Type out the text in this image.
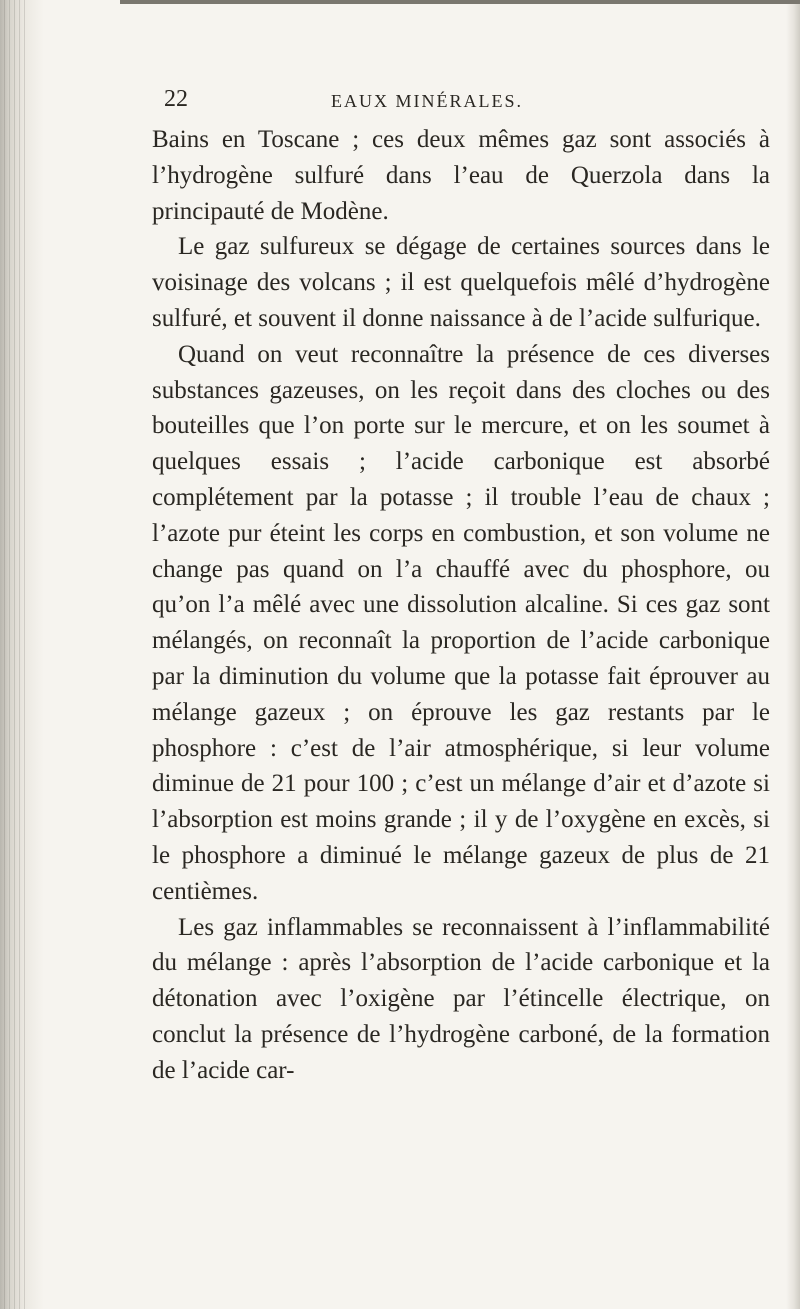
22	EAUX MINÉRALES.

Bains en Toscane ; ces deux mêmes gaz sont associés à l’hydrogène sulfuré dans l’eau de Querzola dans la principauté de Modène.

Le gaz sulfureux se dégage de certaines sources dans le voisinage des volcans ; il est quelquefois mêlé d’hydrogène sulfuré, et souvent il donne naissance à de l’acide sulfurique.

Quand on veut reconnaître la présence de ces diverses substances gazeuses, on les reçoit dans des cloches ou des bouteilles que l’on porte sur le mercure, et on les soumet à quelques essais ; l’acide carbonique est absorbé complétement par la potasse ; il trouble l’eau de chaux ; l’azote pur éteint les corps en combustion, et son volume ne change pas quand on l’a chauffé avec du phosphore, ou qu’on l’a mêlé avec une dissolution alcaline. Si ces gaz sont mélangés, on reconnaît la proportion de l’acide carbonique par la diminution du volume que la potasse fait éprouver au mélange gazeux ; on éprouve les gaz restants par le phosphore : c’est de l’air atmosphérique, si leur volume diminue de 21 pour 100 ; c’est un mélange d’air et d’azote si l’absorption est moins grande ; il y de l’oxygène en excès, si le phosphore a diminué le mélange gazeux de plus de 21 centièmes.

Les gaz inflammables se reconnaissent à l’inflammabilité du mélange : après l’absorption de l’acide carbonique et la détonation avec l’oxigène par l’étincelle électrique, on conclut la présence de l’hydrogène carboné, de la formation de l’acide car-
